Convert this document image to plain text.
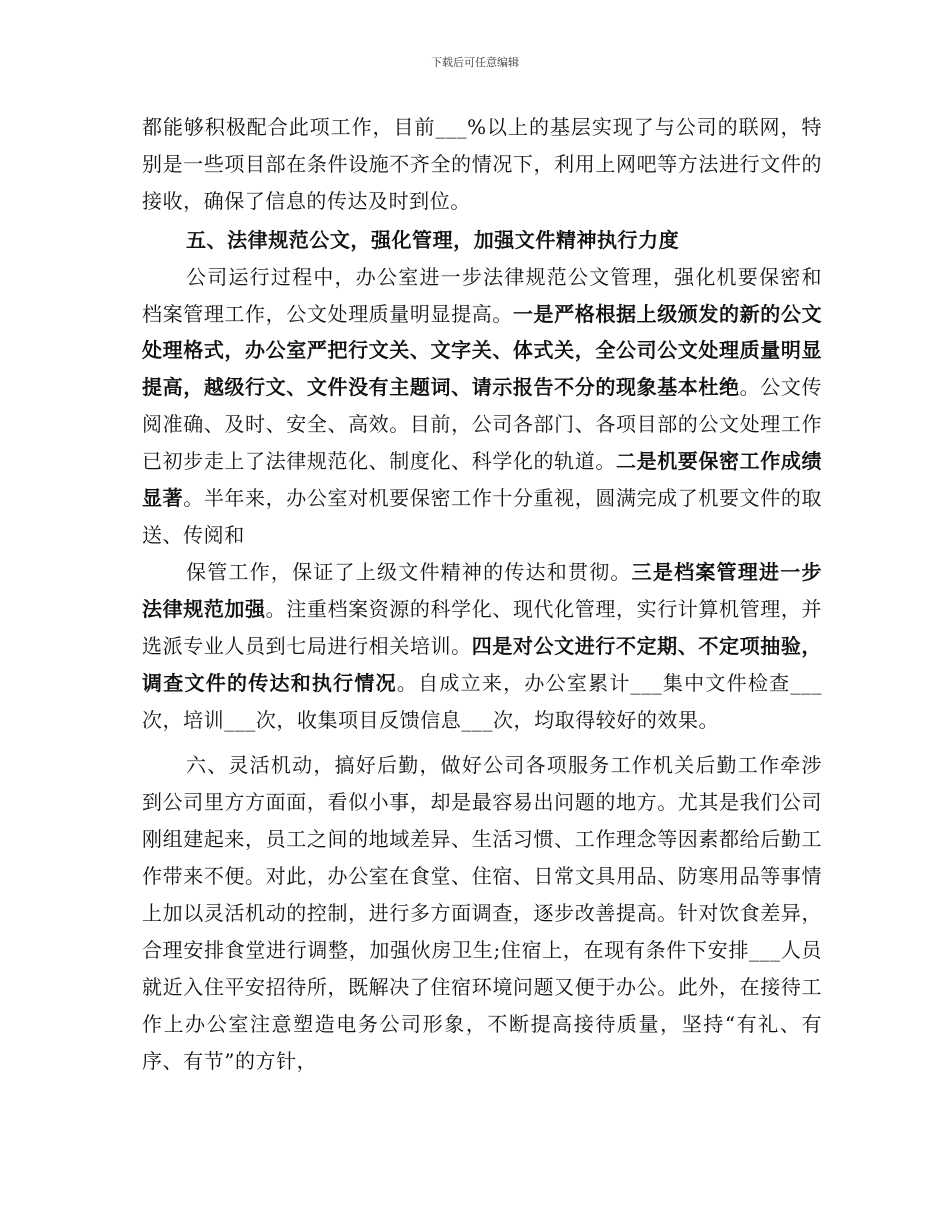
下载后可任意编辑

都能够积极配合此项工作，目前___%以上的基层实现了与公司的联网，特别是一些项目部在条件设施不齐全的情况下，利用上网吧等方法进行文件的接收，确保了信息的传达及时到位。

五、法律规范公文，强化管理，加强文件精神执行力度

公司运行过程中，办公室进一步法律规范公文管理，强化机要保密和档案管理工作，公文处理质量明显提高。一是严格根据上级颁发的新的公文处理格式，办公室严把行文关、文字关、体式关，全公司公文处理质量明显提高，越级行文、文件没有主题词、请示报告不分的现象基本杜绝。公文传阅准确、及时、安全、高效。目前，公司各部门、各项目部的公文处理工作已初步走上了法律规范化、制度化、科学化的轨道。二是机要保密工作成绩显著。半年来，办公室对机要保密工作十分重视，圆满完成了机要文件的取送、传阅和

保管工作，保证了上级文件精神的传达和贯彻。三是档案管理进一步法律规范加强。注重档案资源的科学化、现代化管理，实行计算机管理，并选派专业人员到七局进行相关培训。四是对公文进行不定期、不定项抽验，调查文件的传达和执行情况。自成立来，办公室累计___集中文件检查___次，培训___次，收集项目反馈信息___次，均取得较好的效果。

六、灵活机动，搞好后勤，做好公司各项服务工作机关后勤工作牵涉到公司里方方面面，看似小事，却是最容易出问题的地方。尤其是我们公司刚组建起来，员工之间的地域差异、生活习惯、工作理念等因素都给后勤工作带来不便。对此，办公室在食堂、住宿、日常文具用品、防寒用品等事情上加以灵活机动的控制，进行多方面调查，逐步改善提高。针对饮食差异，合理安排食堂进行调整，加强伙房卫生;住宿上，在现有条件下安排___人员就近入住平安招待所，既解决了住宿环境问题又便于办公。此外，在接待工作上办公室注意塑造电务公司形象，不断提高接待质量，坚持“有礼、有序、有节”的方针，
